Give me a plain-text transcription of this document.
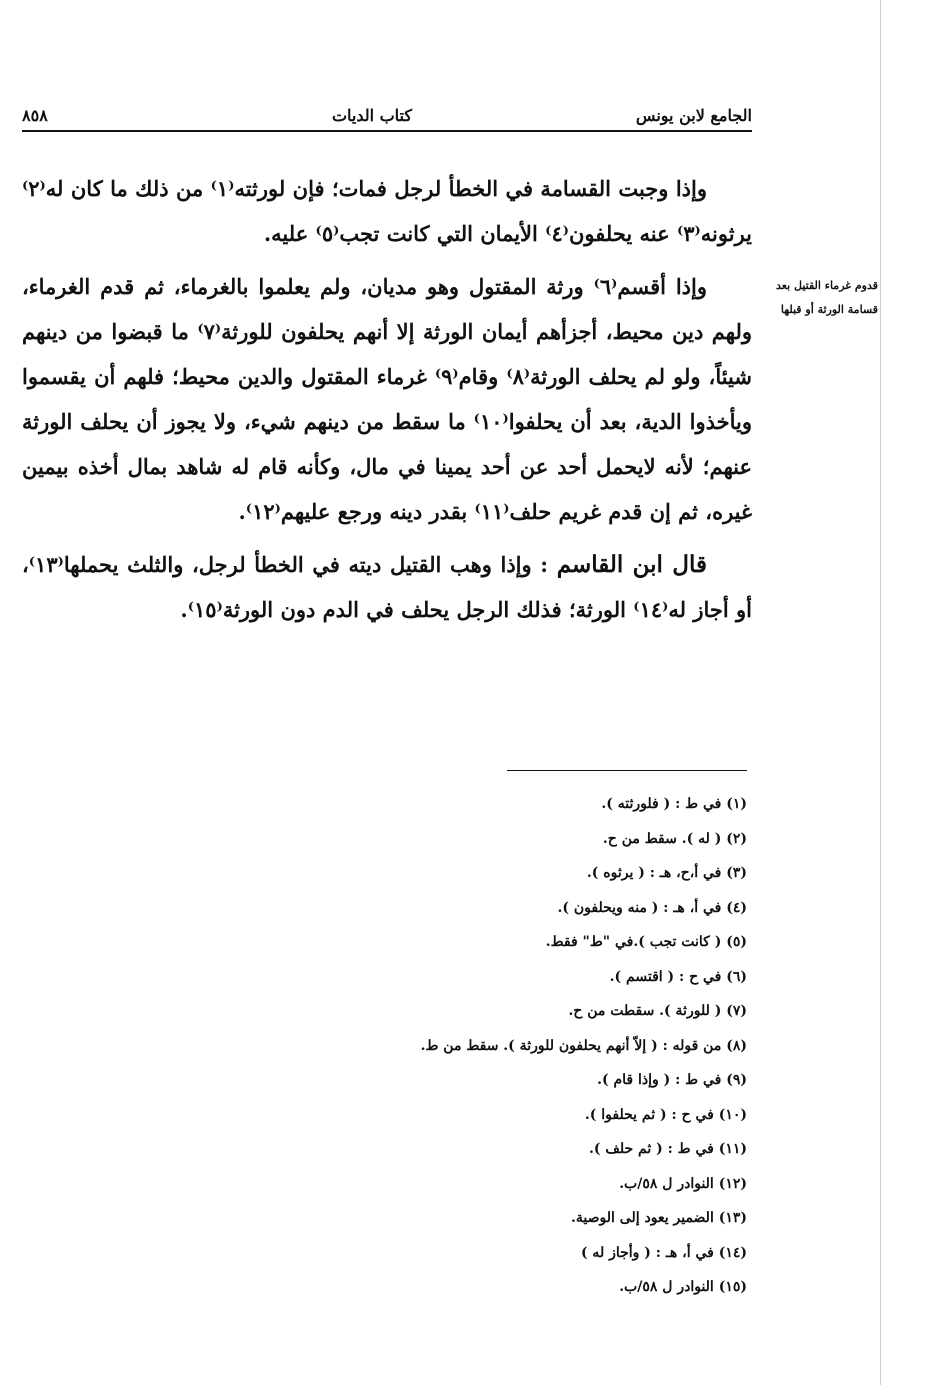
الجامع لابن يونس
كتاب الديات
٨٥٨
قدوم غرماء القتيل بعد
قسامة الورثة أو قبلها

وإذا وجبت القسامة في الخطأ لرجل فمات؛ فإن لورثته⁽١⁾ من ذلك ما كان له⁽٢⁾ يرثونه⁽٣⁾ عنه يحلفون⁽٤⁾ الأيمان التي كانت تجب⁽٥⁾ عليه.

وإذا أقسم⁽٦⁾ ورثة المقتول وهو مديان، ولم يعلموا بالغرماء، ثم قدم الغرماء، ولهم دين محيط، أجزأهم أيمان الورثة إلا أنهم يحلفون للورثة⁽٧⁾ ما قبضوا من دينهم شيئاً، ولو لم يحلف الورثة⁽٨⁾ وقام⁽٩⁾ غرماء المقتول والدين محيط؛ فلهم أن يقسموا ويأخذوا الدية، بعد أن يحلفوا⁽١٠⁾ ما سقط من دينهم شيء، ولا يجوز أن يحلف الورثة عنهم؛ لأنه لايحمل أحد عن أحد يمينا في مال، وكأنه قام له شاهد بمال أخذه بيمين غيره، ثم إن قدم غريم حلف⁽١١⁾ بقدر دينه ورجع عليهم⁽١٢⁾.

قال ابن القاسم : وإذا وهب القتيل ديته في الخطأ لرجل، والثلث يحملها⁽١٣⁾، أو أجاز له⁽١٤⁾ الورثة؛ فذلك الرجل يحلف في الدم دون الورثة⁽١٥⁾.

(١) في ط : ( فلورثته ).
(٢) ( له ). سقط من ح.
(٣) في أ،ح، هـ : ( يرثوه ).
(٤) في أ، هـ : ( منه ويحلفون ).
(٥) ( كانت تجب ).في "ط" فقط.
(٦) في ح : ( اقتسم ).
(٧) ( للورثة ). سقطت من ح.
(٨) من قوله : ( إلاّ أنهم يحلفون للورثة ). سقط من ط.
(٩) في ط : ( وإذا قام ).
(١٠) في ح : ( ثم يحلفوا ).
(١١) في ط : ( ثم حلف ).
(١٢) النوادر ل ٥٨/ب.
(١٣) الضمير يعود إلى الوصية.
(١٤) في أ، هـ : ( وأجاز له )
(١٥) النوادر ل ٥٨/ب.
